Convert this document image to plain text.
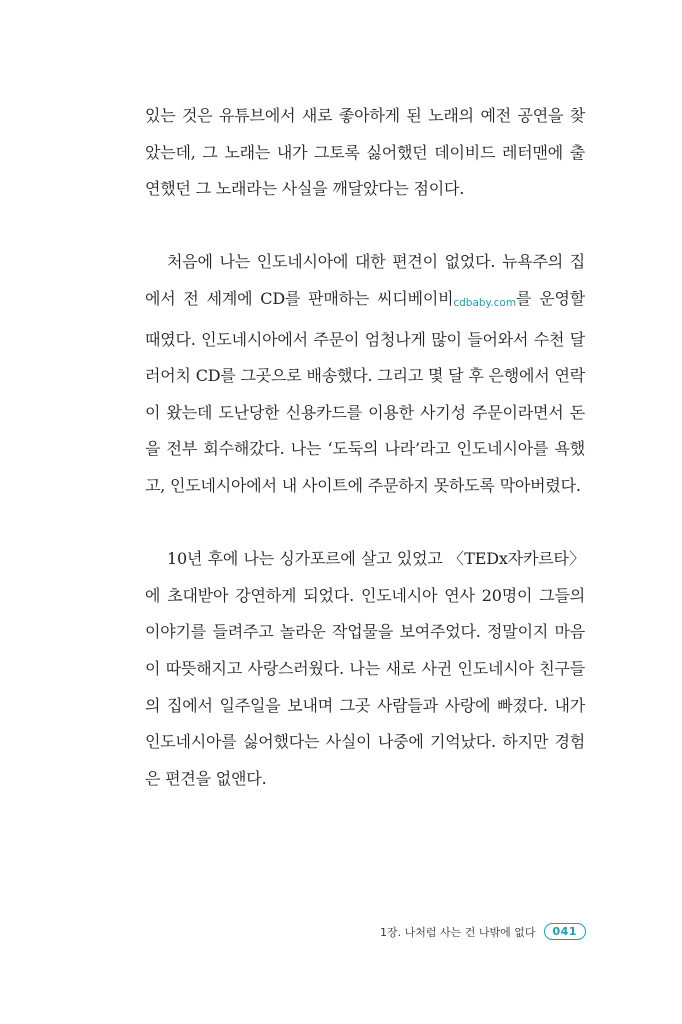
있는 것은 유튜브에서 새로 좋아하게 된 노래의 예전 공연을 찾았는데, 그 노래는 내가 그토록 싫어했던 데이비드 레터맨에 출연했던 그 노래라는 사실을 깨달았다는 점이다.

처음에 나는 인도네시아에 대한 편견이 없었다. 뉴욕주의 집에서 전 세계에 CD를 판매하는 씨디베이비cdbaby.com를 운영할 때였다. 인도네시아에서 주문이 엄청나게 많이 들어와서 수천 달러어치 CD를 그곳으로 배송했다. 그리고 몇 달 후 은행에서 연락이 왔는데 도난당한 신용카드를 이용한 사기성 주문이라면서 돈을 전부 회수해갔다. 나는 ‘도둑의 나라’라고 인도네시아를 욕했고, 인도네시아에서 내 사이트에 주문하지 못하도록 막아버렸다.

10년 후에 나는 싱가포르에 살고 있었고 〈TEDx자카르타〉에 초대받아 강연하게 되었다. 인도네시아 연사 20명이 그들의 이야기를 들려주고 놀라운 작업물을 보여주었다. 정말이지 마음이 따뜻해지고 사랑스러웠다. 나는 새로 사귄 인도네시아 친구들의 집에서 일주일을 보내며 그곳 사람들과 사랑에 빠졌다. 내가 인도네시아를 싫어했다는 사실이 나중에 기억났다. 하지만 경험은 편견을 없앤다.

1장. 나처럼 사는 건 나밖에 없다	041
